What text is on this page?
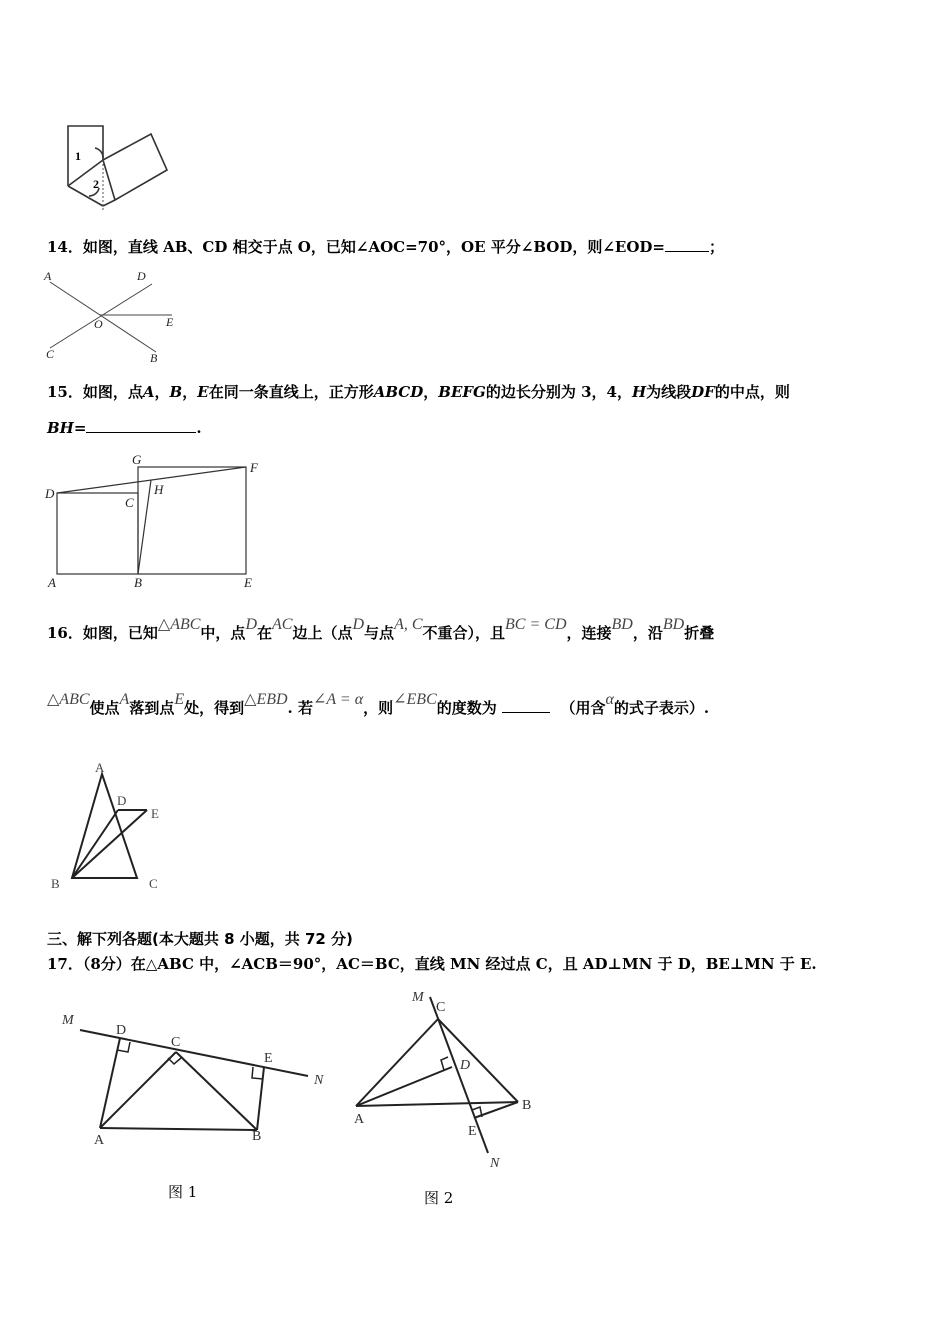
1
2
14．如图，直线 AB、CD 相交于点 O，已知∠AOC=70°，OE 平分∠BOD，则∠EOD=	；
A	D
O	E
C	B
15．如图，点A，B，E在同一条直线上，正方形ABCD，BEFG的边长分别为 3，4，H为线段DF的中点，则
BH=	.
G
F
D	H
C
A	B	E
16．如图，已知△ABC中，点D在AC边上（点D与点A, C不重合），且BC = CD，连接BD，沿BD折叠
△ABC使点A落到点E处，得到△EBD. 若∠A = α，则∠EBC的度数为	（用含α的式子表示）.
A
D
E
B	C
三、解下列各题(本大题共 8 小题，共 72 分)
17．（8分）在△ABC 中，∠ACB＝90°，AC＝BC，直线 MN 经过点 C，且 AD⊥MN 于 D，BE⊥MN 于 E.
M
D
C
E
N
A	B
图 1
M
C
D
A
B
E
N
图 2
